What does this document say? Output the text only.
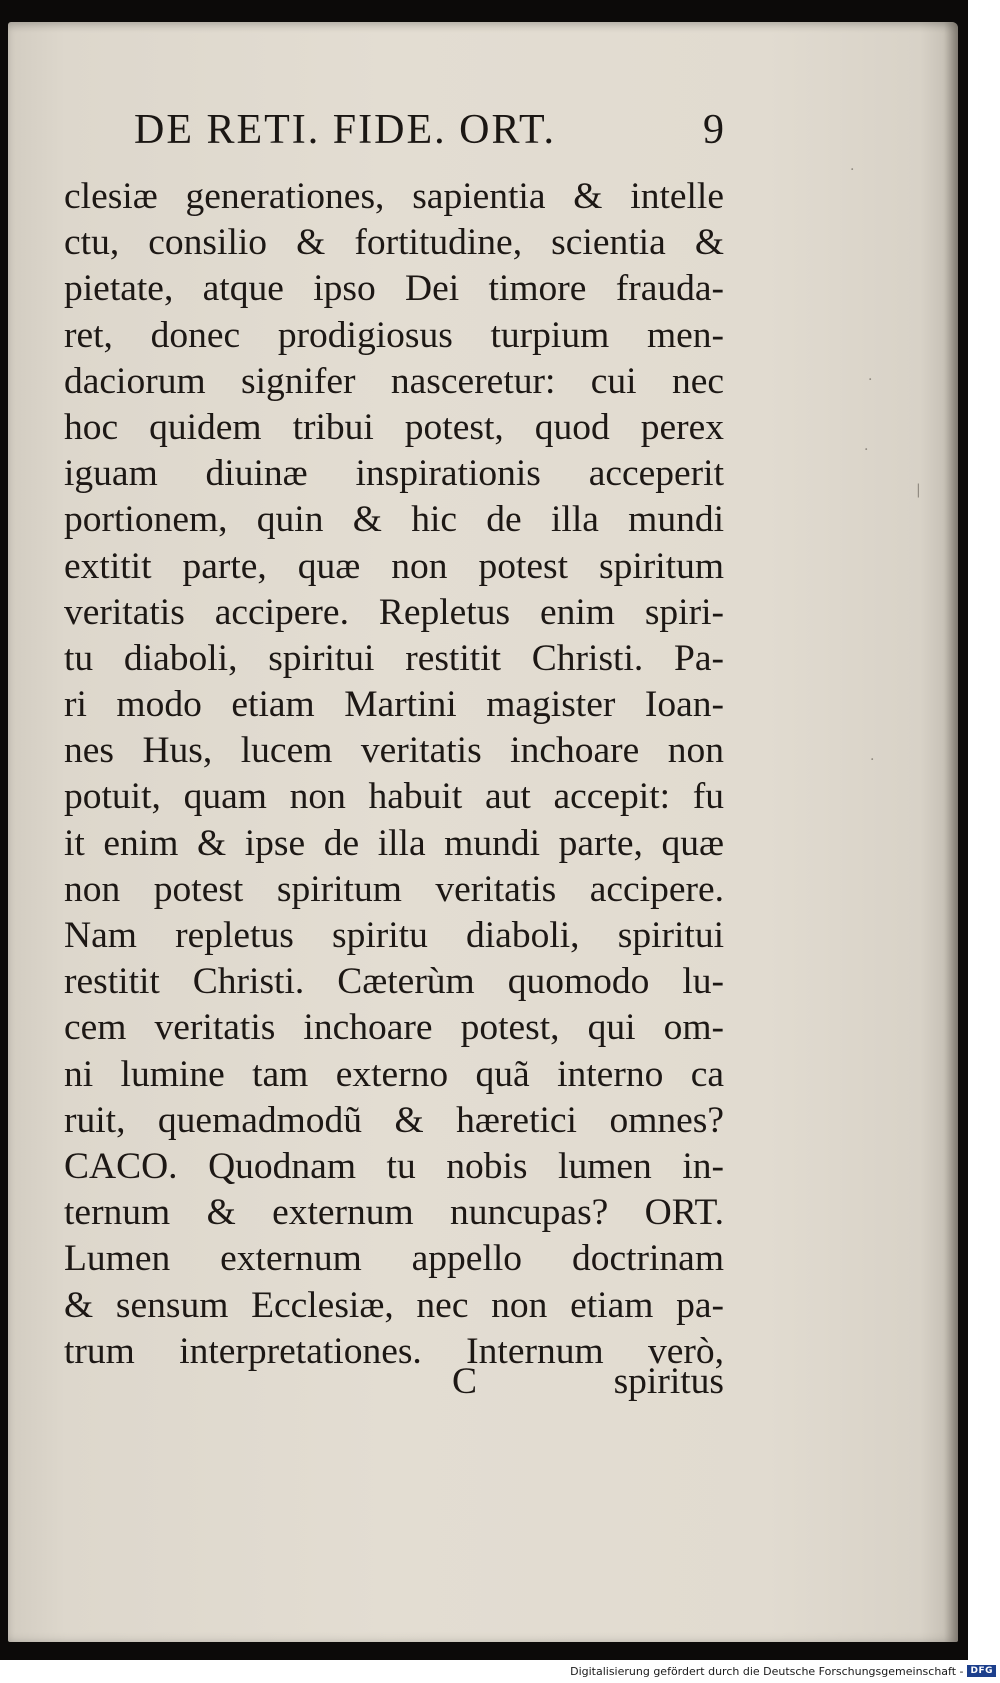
·
·
·
|
·
DE RETI. FIDE. ORT.	9
clesiæ generationes, sapientia & intelle
ctu, consilio & fortitudine, scientia &
pietate, atque ipso Dei timore frauda-
ret, donec prodigiosus turpium men-
daciorum signifer nasceretur: cui nec
hoc quidem tribui potest, quod perex
iguam diuinæ inspirationis acceperit
portionem, quin & hic de illa mundi
extitit parte, quæ non potest spiritum
veritatis accipere. Repletus enim spiri-
tu diaboli, spiritui restitit Christi. Pa-
ri modo etiam Martini magister Ioan-
nes Hus, lucem veritatis inchoare non
potuit, quam non habuit aut accepit: fu
it enim & ipse de illa mundi parte, quæ
non potest spiritum veritatis accipere.
Nam repletus spiritu diaboli, spiritui
restitit Christi. Cæterùm quomodo lu-
cem veritatis inchoare potest, qui om-
ni lumine tam externo quã interno ca
ruit, quemadmodũ & hæretici omnes?
CACO. Quodnam tu nobis lumen in-
ternum & externum nuncupas? ORT.
Lumen externum appello doctrinam
& sensum Ecclesiæ, nec non etiam pa-
trum interpretationes. Internum verò,
C	spiritus
Digitalisierung gefördert durch die Deutsche Forschungsgemeinschaft - DFG
